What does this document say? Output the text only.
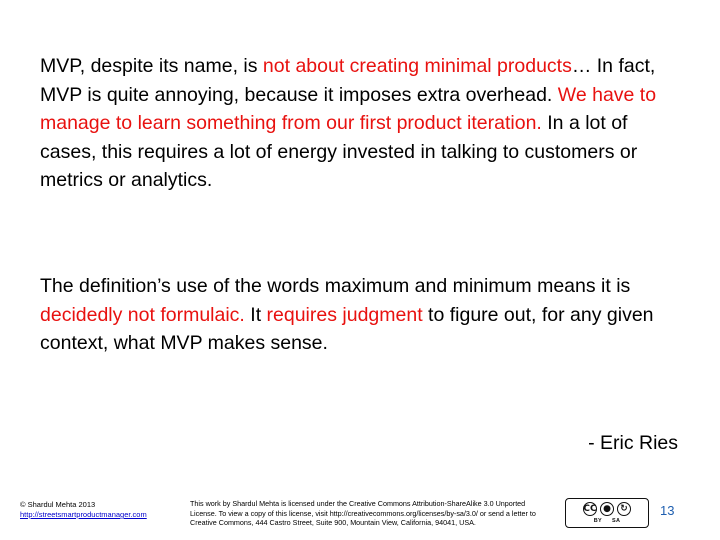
MVP, despite its name, is not about creating minimal products… In fact, MVP is quite annoying, because it imposes extra overhead. We have to manage to learn something from our first product iteration. In a lot of cases, this requires a lot of energy invested in talking to customers or metrics or analytics.
The definition’s use of the words maximum and minimum means it is decidedly not formulaic. It requires judgment to figure out, for any given context, what MVP makes sense.
- Eric Ries
© Shardul Mehta 2013
http://streetsmartproductmanager.com
This work by Shardul Mehta is licensed under the Creative Commons Attribution-ShareAlike 3.0 Unported License. To view a copy of this license, visit http://creativecommons.org/licenses/by-sa/3.0/ or send a letter to Creative Commons, 444 Castro Street, Suite 900, Mountain View, California, 94041, USA.
CC ●	↻
BY SA
13
